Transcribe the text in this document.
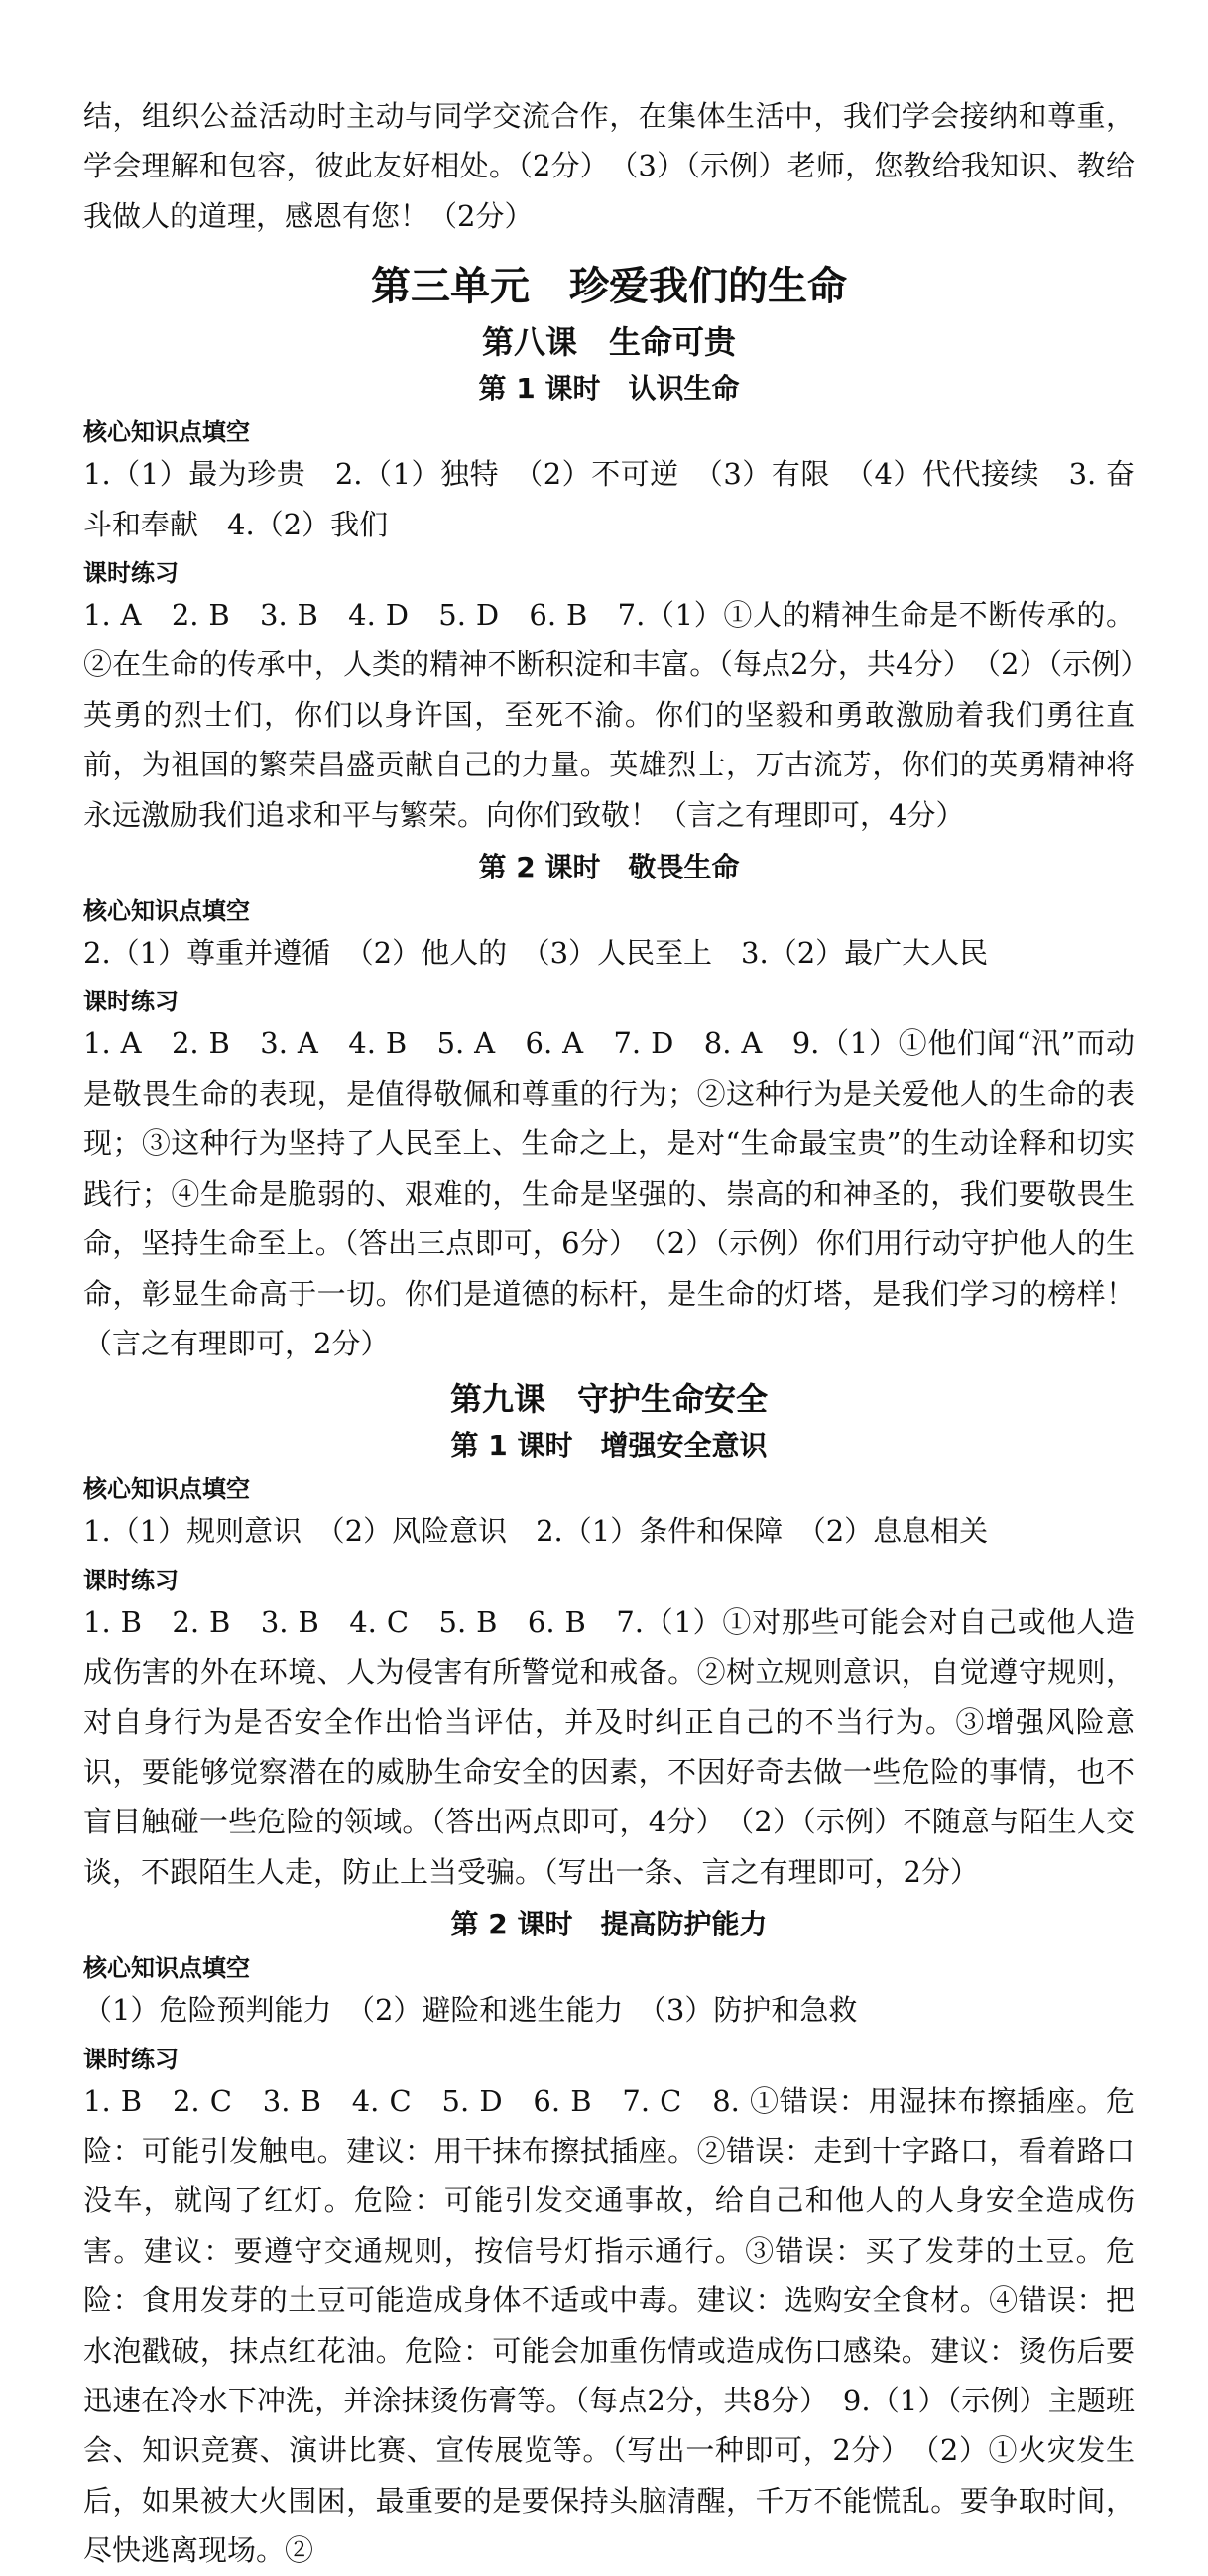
结，组织公益活动时主动与同学交流合作，在集体生活中，我们学会接纳和尊重，学会理解和包容，彼此友好相处。（2分）　（3）（示例）老师，您教给我知识、教给我做人的道理，感恩有您！（2分）

第三单元　珍爱我们的生命
第八课　生命可贵
第 1 课时　认识生命
核心知识点填空

1.（1）最为珍贵　2.（1）独特　（2）不可逆　（3）有限　（4）代代接续　3. 奋斗和奉献　4.（2）我们

课时练习

1. A　2. B　3. B　4. D　5. D　6. B　7.（1）①人的精神生命是不断传承的。②在生命的传承中，人类的精神不断积淀和丰富。（每点2分，共4分）　（2）（示例）英勇的烈士们，你们以身许国，至死不渝。你们的坚毅和勇敢激励着我们勇往直前，为祖国的繁荣昌盛贡献自己的力量。英雄烈士，万古流芳，你们的英勇精神将永远激励我们追求和平与繁荣。向你们致敬！（言之有理即可，4分）

第 2 课时　敬畏生命
核心知识点填空

2.（1）尊重并遵循　（2）他人的　（3）人民至上　3.（2）最广大人民

课时练习

1. A　2. B　3. A　4. B　5. A　6. A　7. D　8. A　9.（1）①他们闻“汛”而动是敬畏生命的表现，是值得敬佩和尊重的行为；②这种行为是关爱他人的生命的表现；③这种行为坚持了人民至上、生命之上，是对“生命最宝贵”的生动诠释和切实践行；④生命是脆弱的、艰难的，生命是坚强的、崇高的和神圣的，我们要敬畏生命，坚持生命至上。（答出三点即可，6分）　（2）（示例）你们用行动守护他人的生命，彰显生命高于一切。你们是道德的标杆，是生命的灯塔，是我们学习的榜样！（言之有理即可，2分）

第九课　守护生命安全
第 1 课时　增强安全意识
核心知识点填空

1.（1）规则意识　（2）风险意识　2.（1）条件和保障　（2）息息相关

课时练习

1. B　2. B　3. B　4. C　5. B　6. B　7.（1）①对那些可能会对自己或他人造成伤害的外在环境、人为侵害有所警觉和戒备。②树立规则意识，自觉遵守规则，对自身行为是否安全作出恰当评估，并及时纠正自己的不当行为。③增强风险意识，要能够觉察潜在的威胁生命安全的因素，不因好奇去做一些危险的事情，也不盲目触碰一些危险的领域。（答出两点即可，4分）　（2）（示例）不随意与陌生人交谈，不跟陌生人走，防止上当受骗。（写出一条、言之有理即可，2分）

第 2 课时　提高防护能力
核心知识点填空

（1）危险预判能力　（2）避险和逃生能力　（3）防护和急救

课时练习

1. B　2. C　3. B　4. C　5. D　6. B　7. C　8. ①错误：用湿抹布擦插座。危险：可能引发触电。建议：用干抹布擦拭插座。②错误：走到十字路口，看着路口没车，就闯了红灯。危险：可能引发交通事故，给自己和他人的人身安全造成伤害。建议：要遵守交通规则，按信号灯指示通行。③错误：买了发芽的土豆。危险：食用发芽的土豆可能造成身体不适或中毒。建议：选购安全食材。④错误：把水泡戳破，抹点红花油。危险：可能会加重伤情或造成伤口感染。建议：烫伤后要迅速在冷水下冲洗，并涂抹烫伤膏等。（每点2分，共8分）　9.（1）（示例）主题班会、知识竞赛、演讲比赛、宣传展览等。（写出一种即可，2分）　（2）①火灾发生后，如果被大火围困，最重要的是要保持头脑清醒，千万不能慌乱。要争取时间，尽快逃离现场。②
